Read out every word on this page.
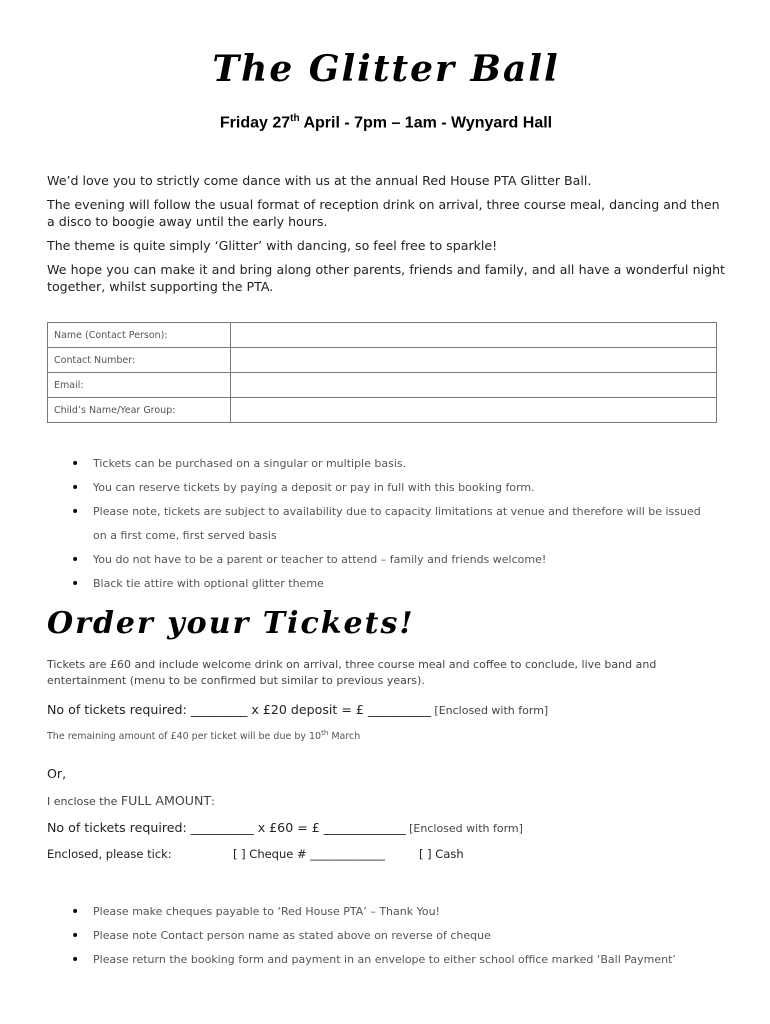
The Glitter Ball
Friday 27th April - 7pm – 1am - Wynyard Hall

We’d love you to strictly come dance with us at the annual Red House PTA Glitter Ball.

The evening will follow the usual format of reception drink on arrival, three course meal, dancing and then a disco to boogie away until the early hours.

The theme is quite simply ‘Glitter’ with dancing, so feel free to sparkle!

We hope you can make it and bring along other parents, friends and family, and all have a wonderful night together, whilst supporting the PTA.

Name (Contact Person):	
Contact Number:	
Email:	
Child’s Name/Year Group:	
• Tickets can be purchased on a singular or multiple basis.
• You can reserve tickets by paying a deposit or pay in full with this booking form.
• Please note, tickets are subject to availability due to capacity limitations at venue and therefore will be issued on a first come, first served basis
• You do not have to be a parent or teacher to attend – family and friends welcome!
• Black tie attire with optional glitter theme
Order your Tickets!
Tickets are £60 and include welcome drink on arrival, three course meal and coffee to conclude, live band and entertainment (menu to be confirmed but similar to previous years).
No of tickets required: _________ x £20 deposit = £ __________ [Enclosed with form]
The remaining amount of £40 per ticket will be due by 10th March
Or,
I enclose the FULL AMOUNT:
No of tickets required: __________ x £60 = £ _____________ [Enclosed with form]
Enclosed, please tick:	[ ] Cheque # _____________	[ ] Cash
• Please make cheques payable to ‘Red House PTA’ – Thank You!
• Please note Contact person name as stated above on reverse of cheque
• Please return the booking form and payment in an envelope to either school office marked ‘Ball Payment’
